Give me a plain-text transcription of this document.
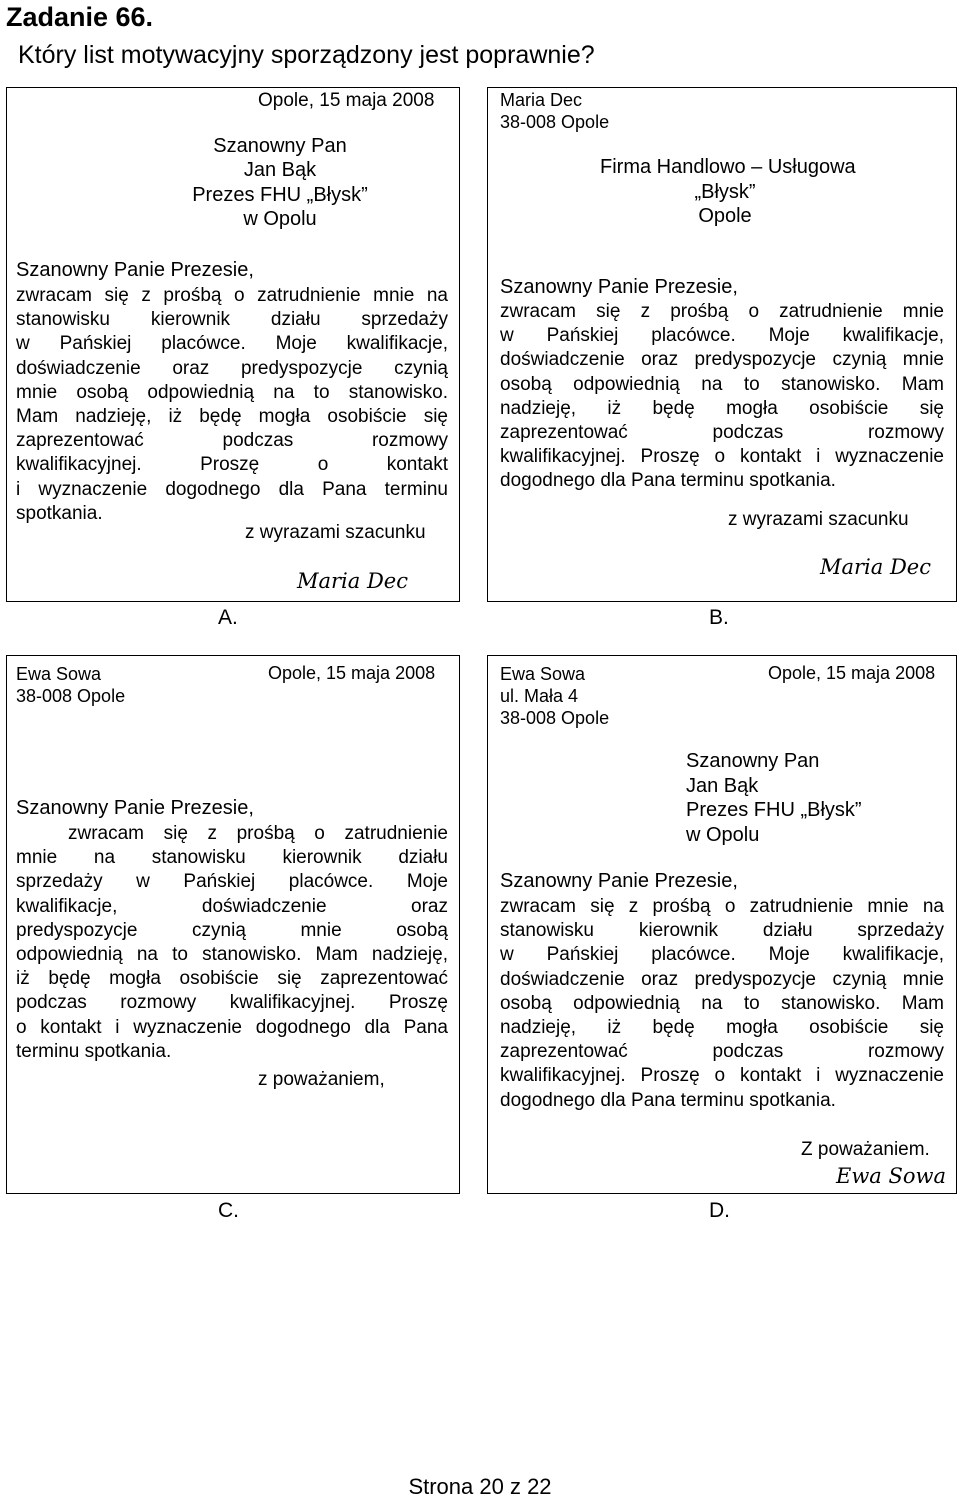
Zadanie 66.
Który list motywacyjny sporządzony jest poprawnie?
Opole, 15 maja 2008
Szanowny Pan
Jan Bąk
Prezes FHU „Błysk”
w Opolu
Szanowny Panie Prezesie,
zwracam się z prośbą o zatrudnienie mnie na
stanowisku kierownik działu sprzedaży
w Pańskiej placówce. Moje kwalifikacje,
doświadczenie oraz predyspozycje czynią
mnie osobą odpowiednią na to stanowisko.
Mam nadzieję, iż będę mogła osobiście się
zaprezentować podczas rozmowy
kwalifikacyjnej. Proszę o kontakt
i wyznaczenie dogodnego dla Pana terminu
spotkania.
z wyrazami szacunku
Maria Dec
A.
Maria Dec
38-008 Opole
Firma Handlowo – Usługowa
„Błysk”
Opole
Szanowny Panie Prezesie,
zwracam się z prośbą o zatrudnienie mnie
w Pańskiej placówce. Moje kwalifikacje,
doświadczenie oraz predyspozycje czynią mnie
osobą odpowiednią na to stanowisko. Mam
nadzieję, iż będę mogła osobiście się
zaprezentować podczas rozmowy
kwalifikacyjnej. Proszę o kontakt i wyznaczenie
dogodnego dla Pana terminu spotkania.
z wyrazami szacunku
Maria Dec
B.
Ewa Sowa
38-008 Opole
Opole, 15 maja 2008
Szanowny Panie Prezesie,
zwracam się z prośbą o zatrudnienie
mnie na stanowisku kierownik działu
sprzedaży w Pańskiej placówce. Moje
kwalifikacje, doświadczenie oraz
predyspozycje czynią mnie osobą
odpowiednią na to stanowisko. Mam nadzieję,
iż będę mogła osobiście się zaprezentować
podczas rozmowy kwalifikacyjnej. Proszę
o kontakt i wyznaczenie dogodnego dla Pana
terminu spotkania.
z poważaniem,
C.
Ewa Sowa
ul. Mała 4
38-008 Opole
Opole, 15 maja 2008
Szanowny Pan
Jan Bąk
Prezes FHU „Błysk”
w Opolu
Szanowny Panie Prezesie,
zwracam się z prośbą o zatrudnienie mnie na
stanowisku kierownik działu sprzedaży
w Pańskiej placówce. Moje kwalifikacje,
doświadczenie oraz predyspozycje czynią mnie
osobą odpowiednią na to stanowisko. Mam
nadzieję, iż będę mogła osobiście się
zaprezentować podczas rozmowy
kwalifikacyjnej. Proszę o kontakt i wyznaczenie
dogodnego dla Pana terminu spotkania.
Z poważaniem.
Ewa Sowa
D.
Strona 20 z 22
